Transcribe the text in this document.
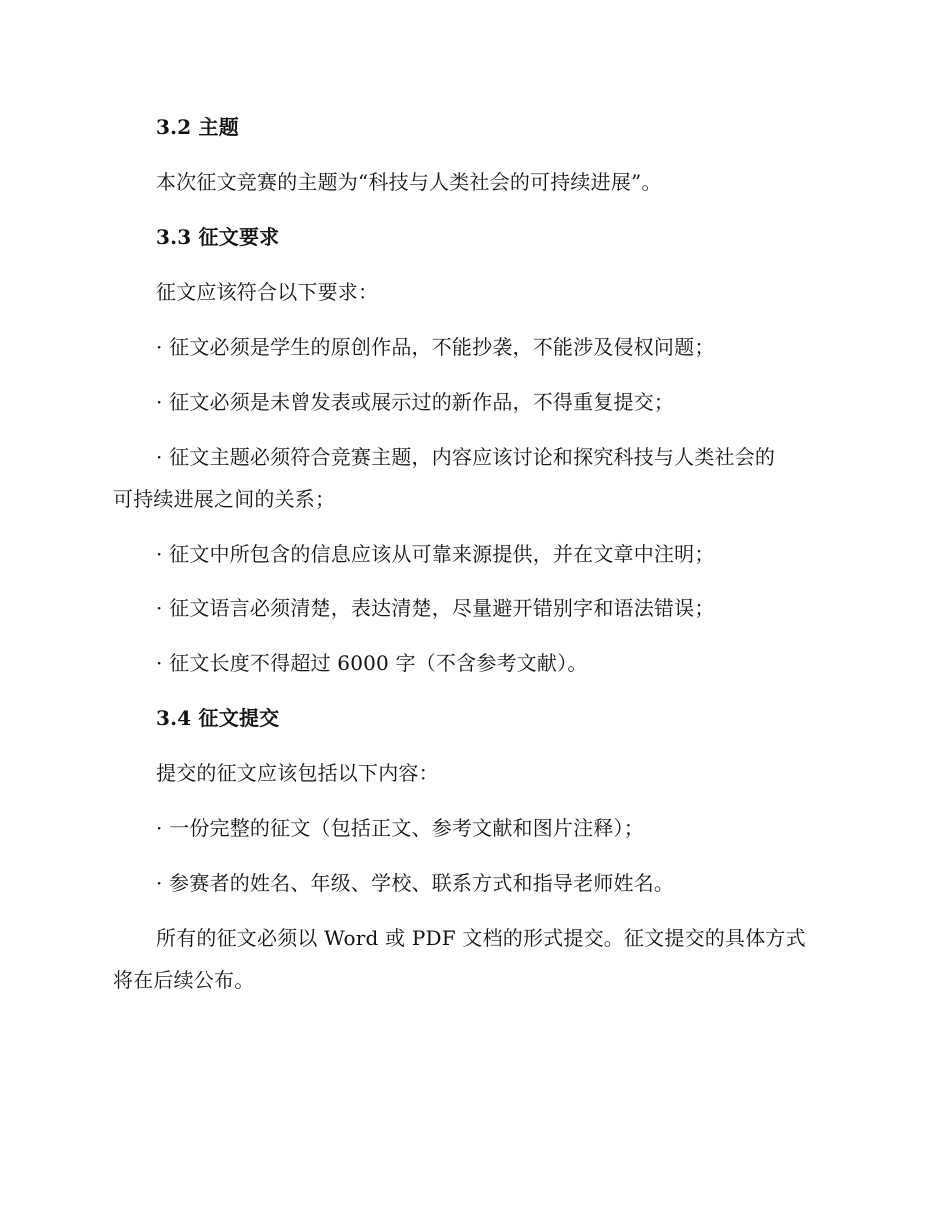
3.2 主题
本次征文竞赛的主题为“科技与人类社会的可持续进展”。
3.3 征文要求
征文应该符合以下要求：
· 征文必须是学生的原创作品，不能抄袭，不能涉及侵权问题；
· 征文必须是未曾发表或展示过的新作品，不得重复提交；
· 征文主题必须符合竞赛主题，内容应该讨论和探究科技与人类社会的
可持续进展之间的关系；
· 征文中所包含的信息应该从可靠来源提供，并在文章中注明；
· 征文语言必须清楚，表达清楚，尽量避开错别字和语法错误；
· 征文长度不得超过 6000 字（不含参考文献）。
3.4 征文提交
提交的征文应该包括以下内容：
· 一份完整的征文（包括正文、参考文献和图片注释）；
· 参赛者的姓名、年级、学校、联系方式和指导老师姓名。
所有的征文必须以 Word 或 PDF 文档的形式提交。征文提交的具体方式
将在后续公布。
